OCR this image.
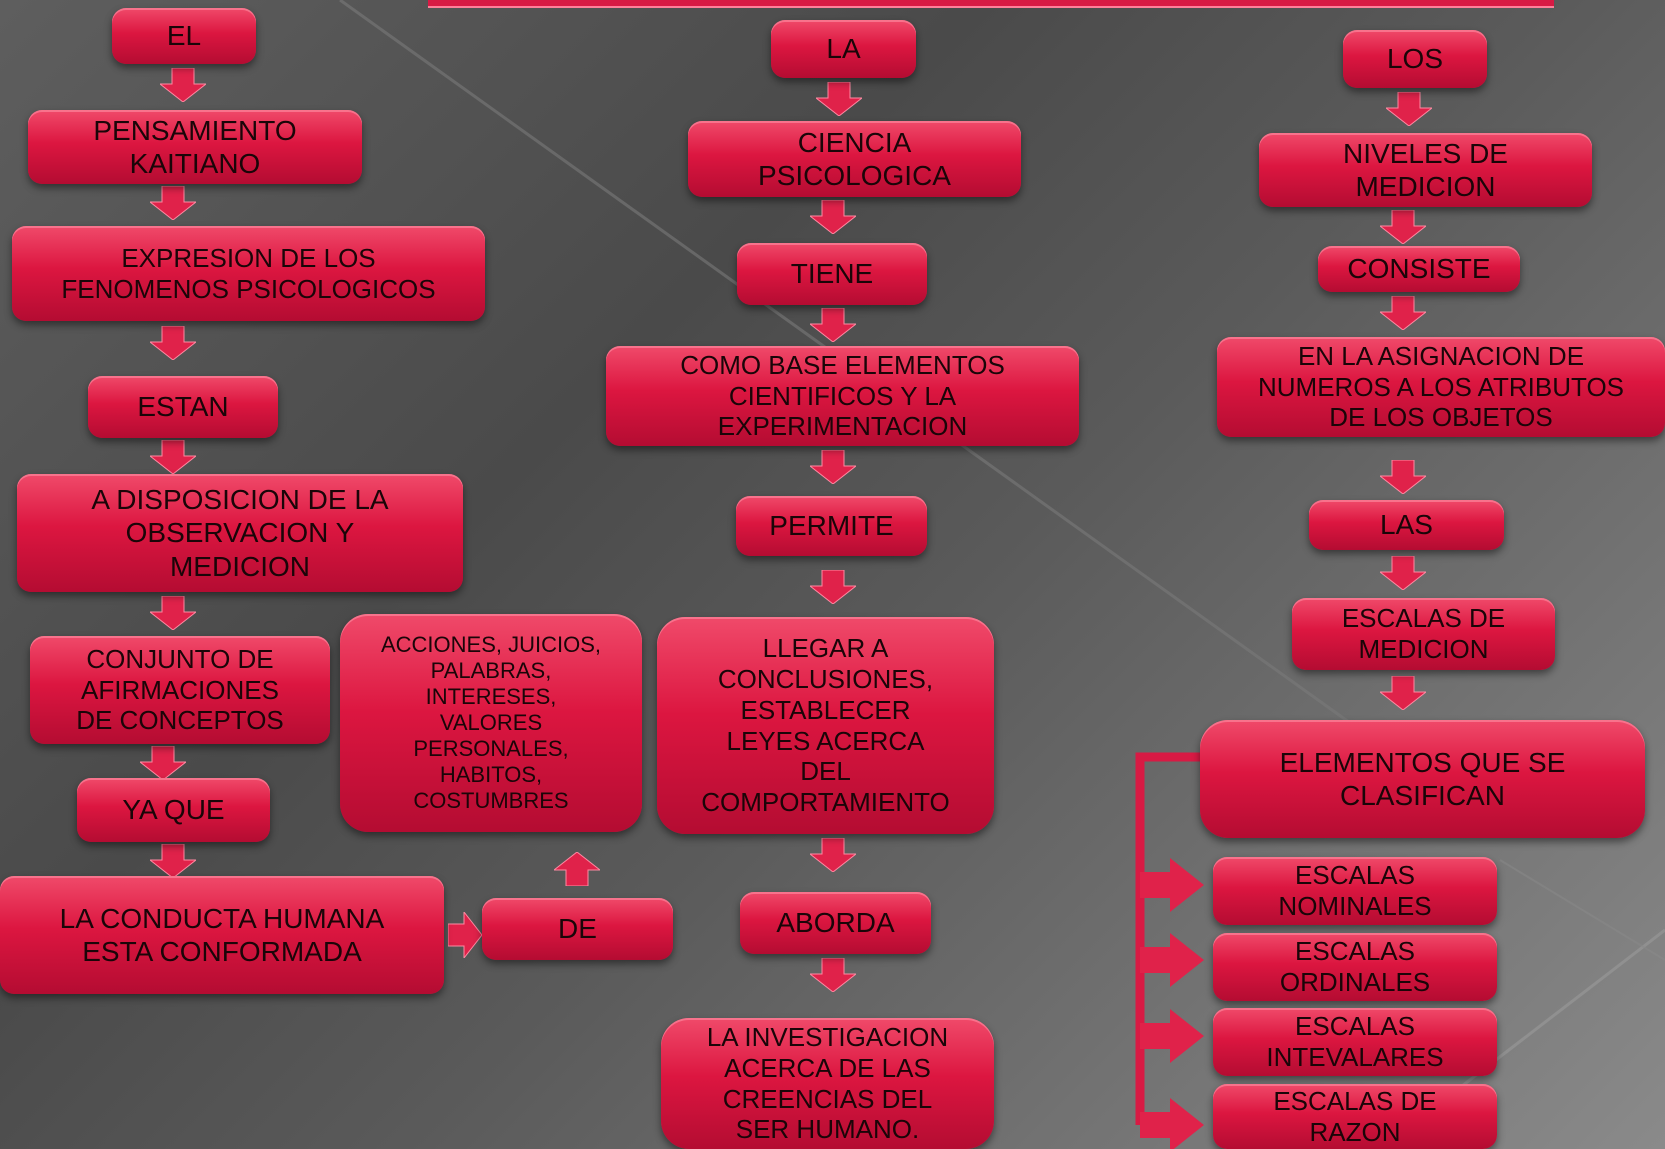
EL
PENSAMIENTO
KAITIANO
EXPRESION DE LOS
FENOMENOS PSICOLOGICOS
ESTAN
A DISPOSICION DE LA
OBSERVACION Y
MEDICION
CONJUNTO DE
AFIRMACIONES
DE CONCEPTOS
YA QUE
LA CONDUCTA HUMANA
ESTA CONFORMADA
DE
ACCIONES, JUICIOS,
PALABRAS,
INTERESES,
VALORES
PERSONALES,
HABITOS,
COSTUMBRES
LA
CIENCIA
PSICOLOGICA
TIENE
COMO BASE ELEMENTOS
CIENTIFICOS Y LA
EXPERIMENTACION
PERMITE
LLEGAR A
CONCLUSIONES,
ESTABLECER
LEYES ACERCA
DEL
COMPORTAMIENTO
ABORDA
LA INVESTIGACION
ACERCA DE LAS
CREENCIAS DEL
SER HUMANO.
LOS
NIVELES DE
MEDICION
CONSISTE
EN LA ASIGNACION DE
NUMEROS A LOS ATRIBUTOS
DE LOS OBJETOS
LAS
ESCALAS DE
MEDICION
ELEMENTOS QUE SE
CLASIFICAN
ESCALAS
NOMINALES
ESCALAS
ORDINALES
ESCALAS
INTEVALARES
ESCALAS DE
RAZON
